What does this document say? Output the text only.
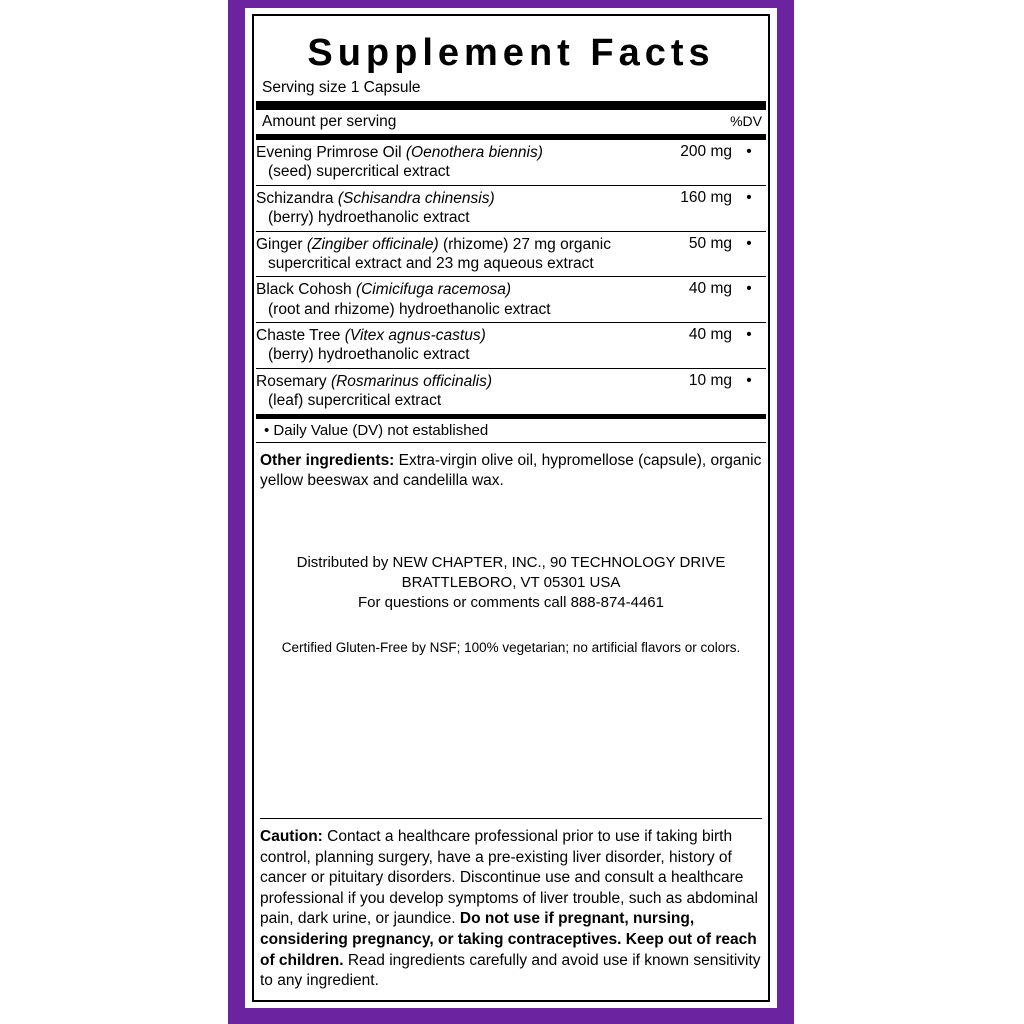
Supplement Facts
Serving size 1 Capsule
Amount per serving	%DV
Evening Primrose Oil (Oenothera biennis)
(seed) supercritical extract	200 mg	•
Schizandra (Schisandra chinensis)
(berry) hydroethanolic extract	160 mg	•
Ginger (Zingiber officinale) (rhizome) 27 mg organic
supercritical extract and 23 mg aqueous extract	50 mg	•
Black Cohosh (Cimicifuga racemosa)
(root and rhizome) hydroethanolic extract	40 mg	•
Chaste Tree (Vitex agnus-castus)
(berry) hydroethanolic extract	40 mg	•
Rosemary (Rosmarinus officinalis)
(leaf) supercritical extract	10 mg	•
• Daily Value (DV) not established
Other ingredients: Extra-virgin olive oil, hypromellose (capsule), organic yellow beeswax and candelilla wax.
Distributed by NEW CHAPTER, INC., 90 TECHNOLOGY DRIVE
BRATTLEBORO, VT 05301 USA
For questions or comments call 888-874-4461
Certified Gluten-Free by NSF; 100% vegetarian; no artificial flavors or colors.
Caution: Contact a healthcare professional prior to use if taking birth control, planning surgery, have a pre-existing liver disorder, history of cancer or pituitary disorders. Discontinue use and consult a healthcare professional if you develop symptoms of liver trouble, such as abdominal pain, dark urine, or jaundice. Do not use if pregnant, nursing, considering pregnancy, or taking contraceptives. Keep out of reach of children. Read ingredients carefully and avoid use if known sensitivity to any ingredient.
